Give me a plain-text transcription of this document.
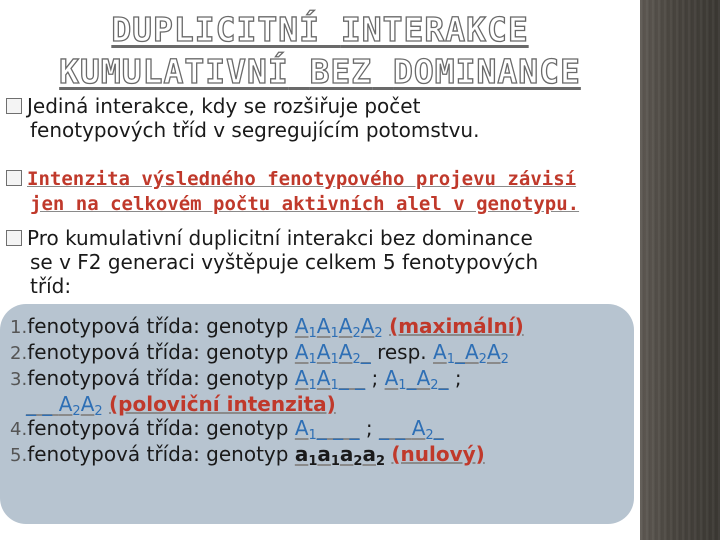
DUPLICITNÍ INTERAKCE
KUMULATIVNÍ BEZ DOMINANCE
Jediná interakce, kdy se rozšiřuje počet
fenotypových tříd v segregujícím potomstvu.
Intenzita výsledného fenotypového projevu závisí
jen na celkovém počtu aktivních alel v genotypu.
Pro kumulativní duplicitní interakci bez dominance
se v F2 generaci vyštěpuje celkem 5 fenotypových
tříd:
1.fenotypová třída: genotyp $A_1A_1A_2A_2$ (maximální)
2.fenotypová třída: genotyp $A_1A_1A_2\_$ resp. $A_1\_A_2A_2$
3.fenotypová třída: genotyp $A_1A_1\_$ _ ; $A_1\_A_2\_$ ;
_ _ $A_2A_2$ (poloviční intenzita)
4.fenotypová třída: genotyp $A_1\_$ _ _ ; _ _ $A_2\_$
5.fenotypová třída: genotyp $a_1a_1a_2a_2$ (nulový)
